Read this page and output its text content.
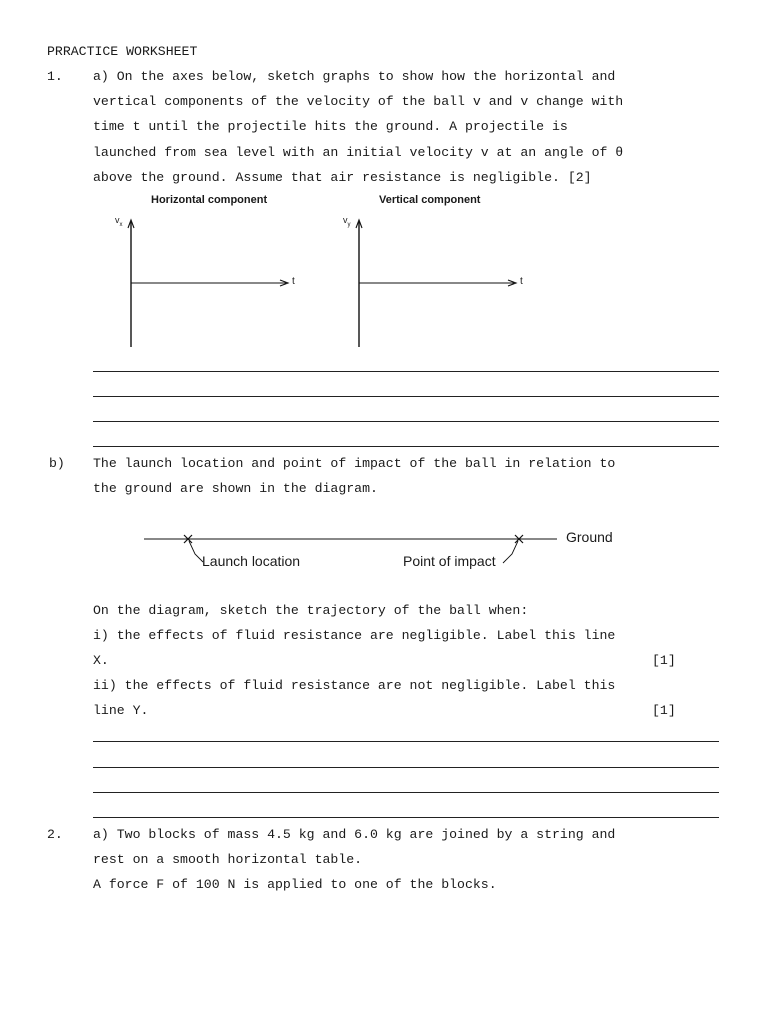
PRRACTICE WORKSHEET
1. a) On the axes below, sketch graphs to show how the horizontal and
vertical components of the velocity of the ball v and v change with
time t until the projectile hits the ground. A projectile is
launched from sea level with an initial velocity v at an angle of θ
above the ground. Assume that air resistance is negligible. [2]
Horizontal component
$v_x$
t
Vertical component
$v_y$
t
b) The launch location and point of impact of the ball in relation to
the ground are shown in the diagram.
Ground
Launch location	Point of impact
On the diagram, sketch the trajectory of the ball when:
i) the effects of fluid resistance are negligible. Label this line
X.	[1]
ii) the effects of fluid resistance are not negligible. Label this
line Y.	[1]
2. a) Two blocks of mass 4.5 kg and 6.0 kg are joined by a string and
rest on a smooth horizontal table.
A force F of 100 N is applied to one of the blocks.
